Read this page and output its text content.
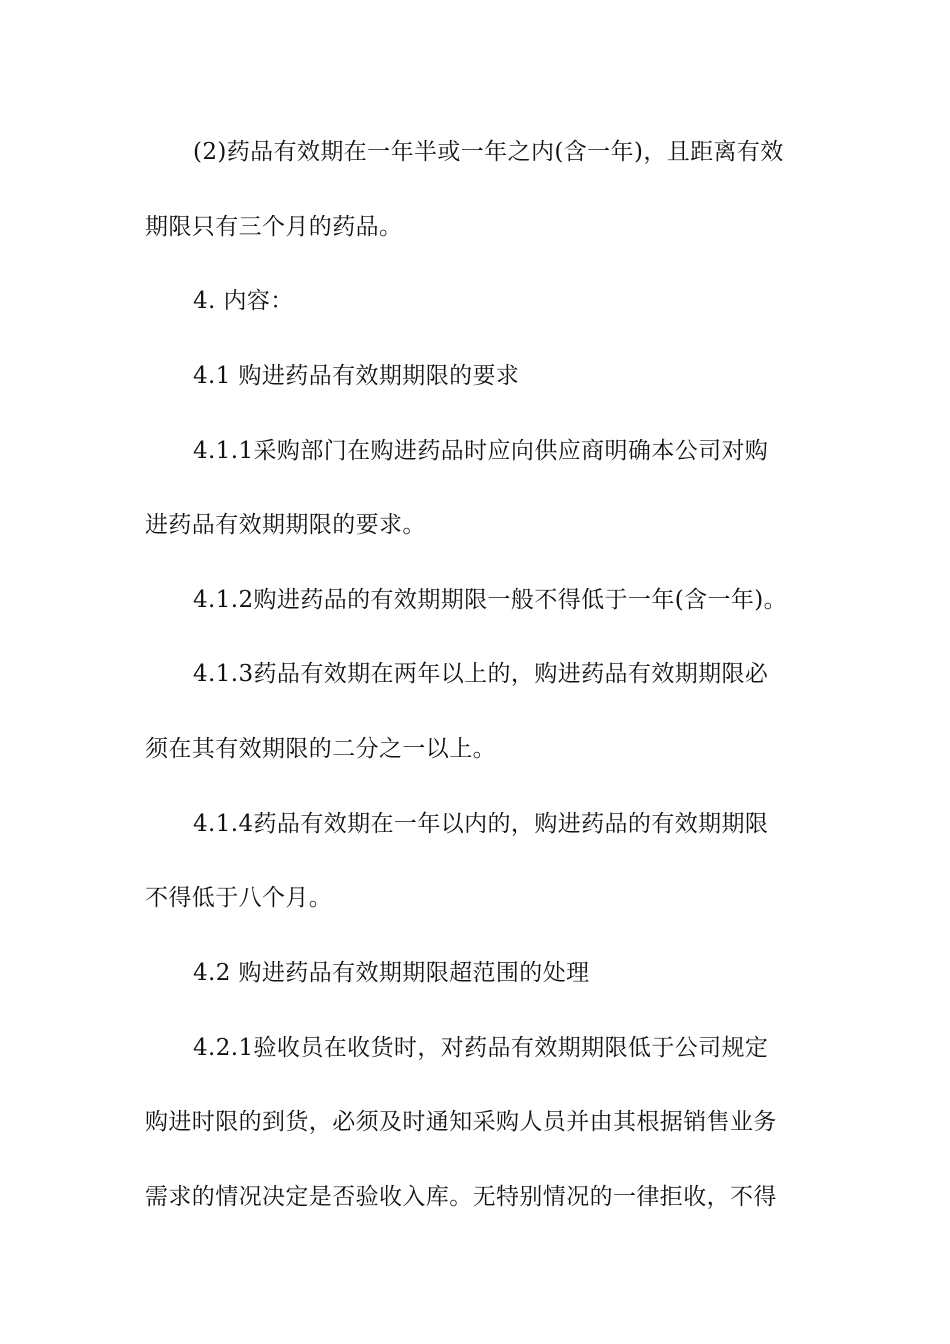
(2)药品有效期在一年半或一年之内(含一年)，且距离有效
期限只有三个月的药品。
4. 内容：
4.1 购进药品有效期期限的要求
4.1.1采购部门在购进药品时应向供应商明确本公司对购
进药品有效期期限的要求。
4.1.2购进药品的有效期期限一般不得低于一年(含一年)。
4.1.3药品有效期在两年以上的，购进药品有效期期限必
须在其有效期限的二分之一以上。
4.1.4药品有效期在一年以内的，购进药品的有效期期限
不得低于八个月。
4.2 购进药品有效期期限超范围的处理
4.2.1验收员在收货时，对药品有效期期限低于公司规定
购进时限的到货，必须及时通知采购人员并由其根据销售业务
需求的情况决定是否验收入库。无特别情况的一律拒收，不得
